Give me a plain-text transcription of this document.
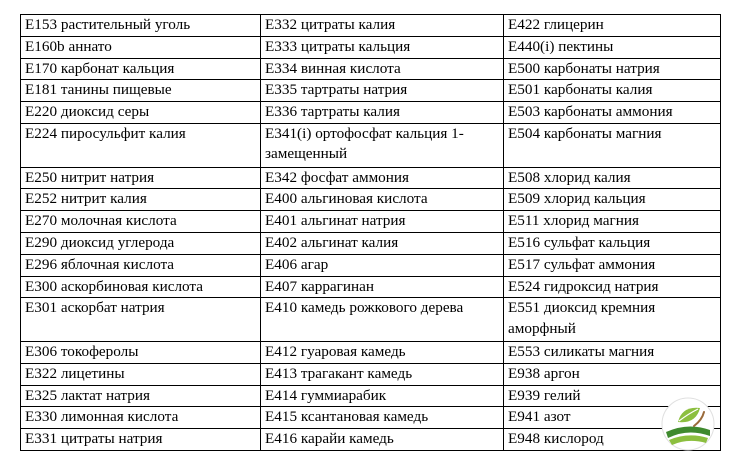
E153 растительный уголь	E332 цитраты калия	E422 глицерин
E160b аннато	E333 цитраты кальция	E440(i) пектины
E170 карбонат кальция	E334 винная кислота	E500 карбонаты натрия
E181 танины пищевые	E335 тартраты натрия	E501 карбонаты калия
E220 диоксид серы	E336 тартраты калия	E503 карбонаты аммония
E224 пиросульфит калия	E341(i) ортофосфат кальция 1-замещенный	E504 карбонаты магния
E250 нитрит натрия	E342 фосфат аммония	E508 хлорид калия
E252 нитрит калия	E400 альгиновая кислота	E509 хлорид кальция
E270 молочная кислота	E401 альгинат натрия	E511 хлорид магния
E290 диоксид углерода	E402 альгинат калия	E516 сульфат кальция
E296 яблочная кислота	E406 агар	E517 сульфат аммония
E300 аскорбиновая кислота	E407 каррагинан	E524 гидроксид натрия
E301 аскорбат натрия	E410 камедь рожкового дерева	E551 диоксид кремния аморфный
E306 токоферолы	E412 гуаровая камедь	E553 силикаты магния
E322 лицетины	E413 трагакант камедь	E938 аргон
E325 лактат натрия	E414 гуммиарабик	E939 гелий
E330 лимонная кислота	E415 ксантановая камедь	E941 азот
E331 цитраты натрия	E416 карайи камедь	E948 кислород
